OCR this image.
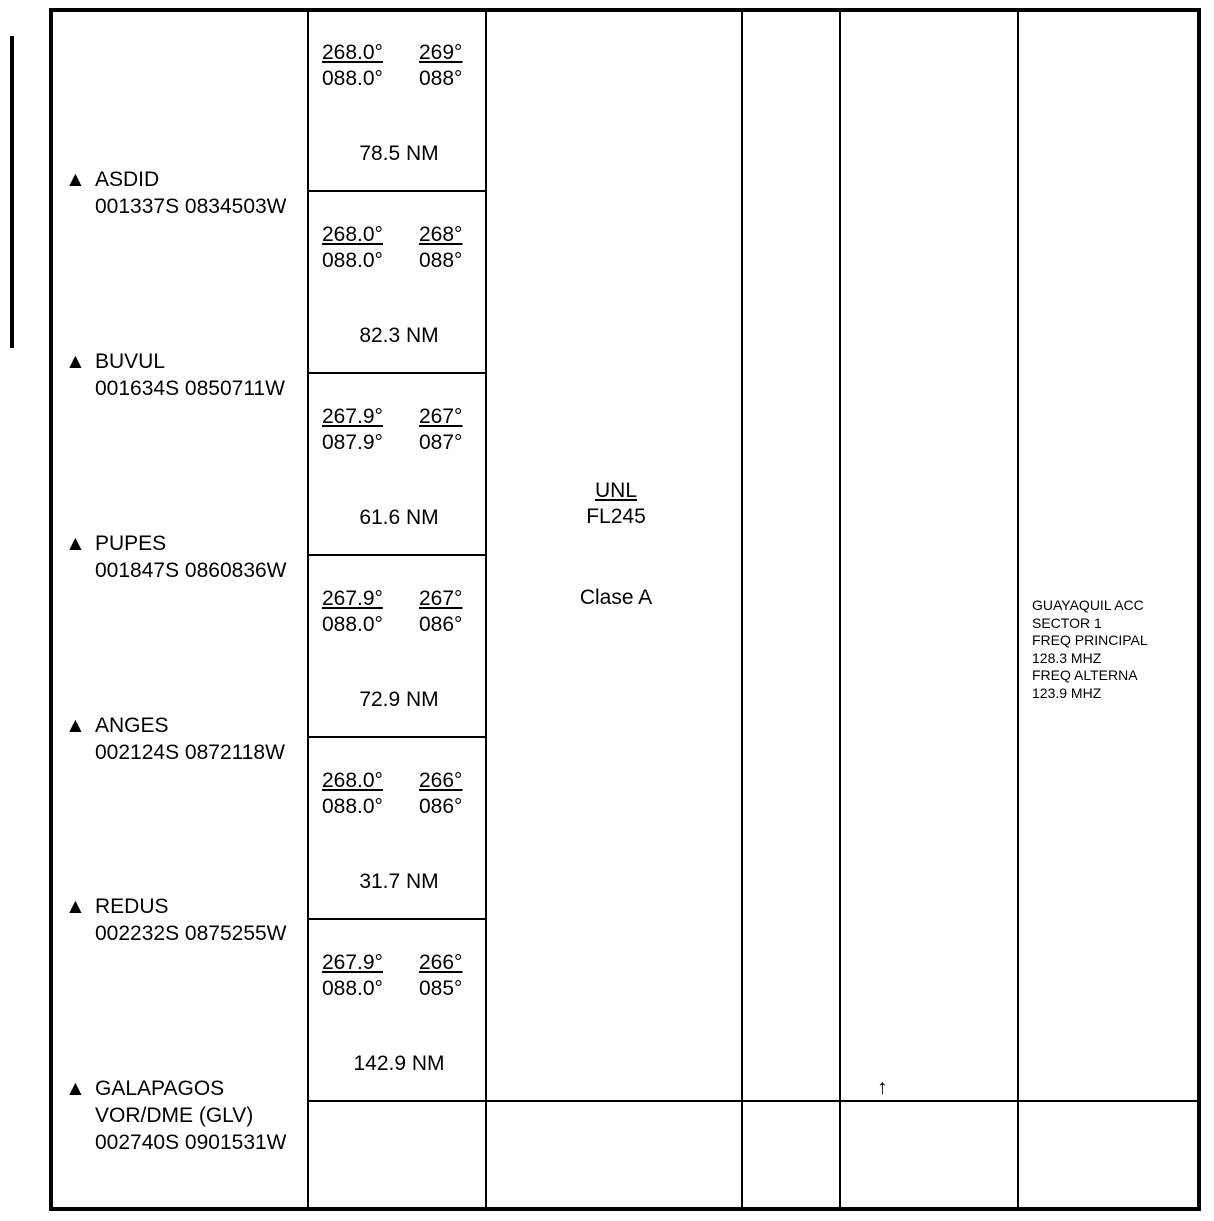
▲ ASDID
001337S 0834503W
▲ BUVUL
001634S 0850711W
▲ PUPES
001847S 0860836W
▲ ANGES
002124S 0872118W
▲ REDUS
002232S 0875255W
▲ GALAPAGOS
VOR/DME (GLV)
002740S 0901531W
268.0°
088.0°
269°
088°
78.5 NM
268.0°
088.0°
268°
088°
82.3 NM
267.9°
087.9°
267°
087°
61.6 NM
267.9°
088.0°
267°
086°
72.9 NM
268.0°
088.0°
266°
086°
31.7 NM
267.9°
088.0°
266°
085°
142.9 NM
UNL
FL245
Clase A
↑
GUAYAQUIL ACC
SECTOR 1
FREQ PRINCIPAL
128.3 MHZ
FREQ ALTERNA
123.9 MHZ
